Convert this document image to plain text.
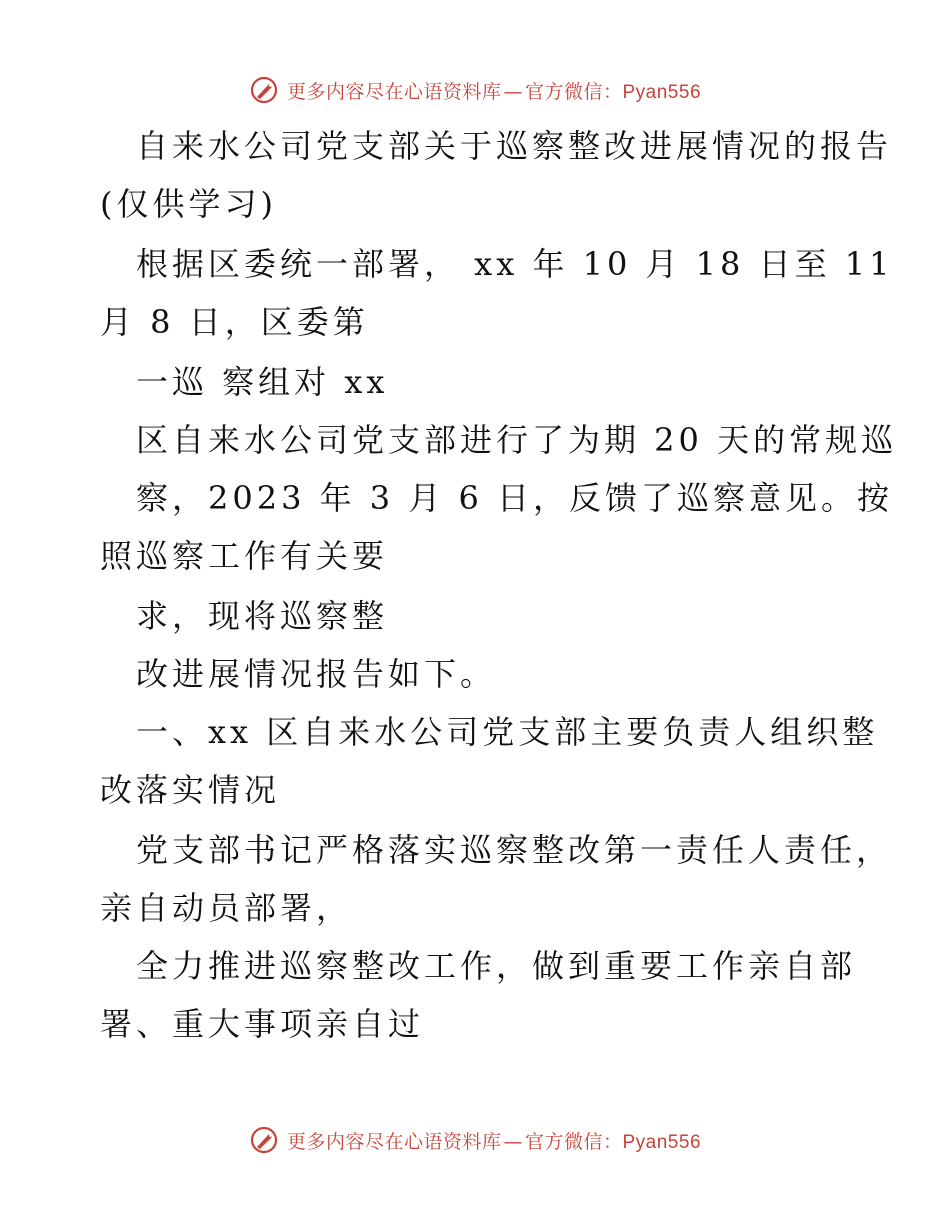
更多内容尽在心语资料库 — 官方微信：Pyan556
自来水公司党支部关于巡察整改进展情况的报告
(仅供学习)
根据区委统一部署， xx 年 10 月 18 日至 11
月 8 日，区委第
一巡 察组对 xx
区自来水公司党支部进行了为期 20 天的常规巡
察，2023 年 3 月 6 日，反馈了巡察意见。按
照巡察工作有关要
求，现将巡察整
改进展情况报告如下。
一、xx 区自来水公司党支部主要负责人组织整
改落实情况
党支部书记严格落实巡察整改第一责任人责任，
亲自动员部署，
全力推进巡察整改工作，做到重要工作亲自部
署、重大事项亲自过
更多内容尽在心语资料库 — 官方微信：Pyan556
